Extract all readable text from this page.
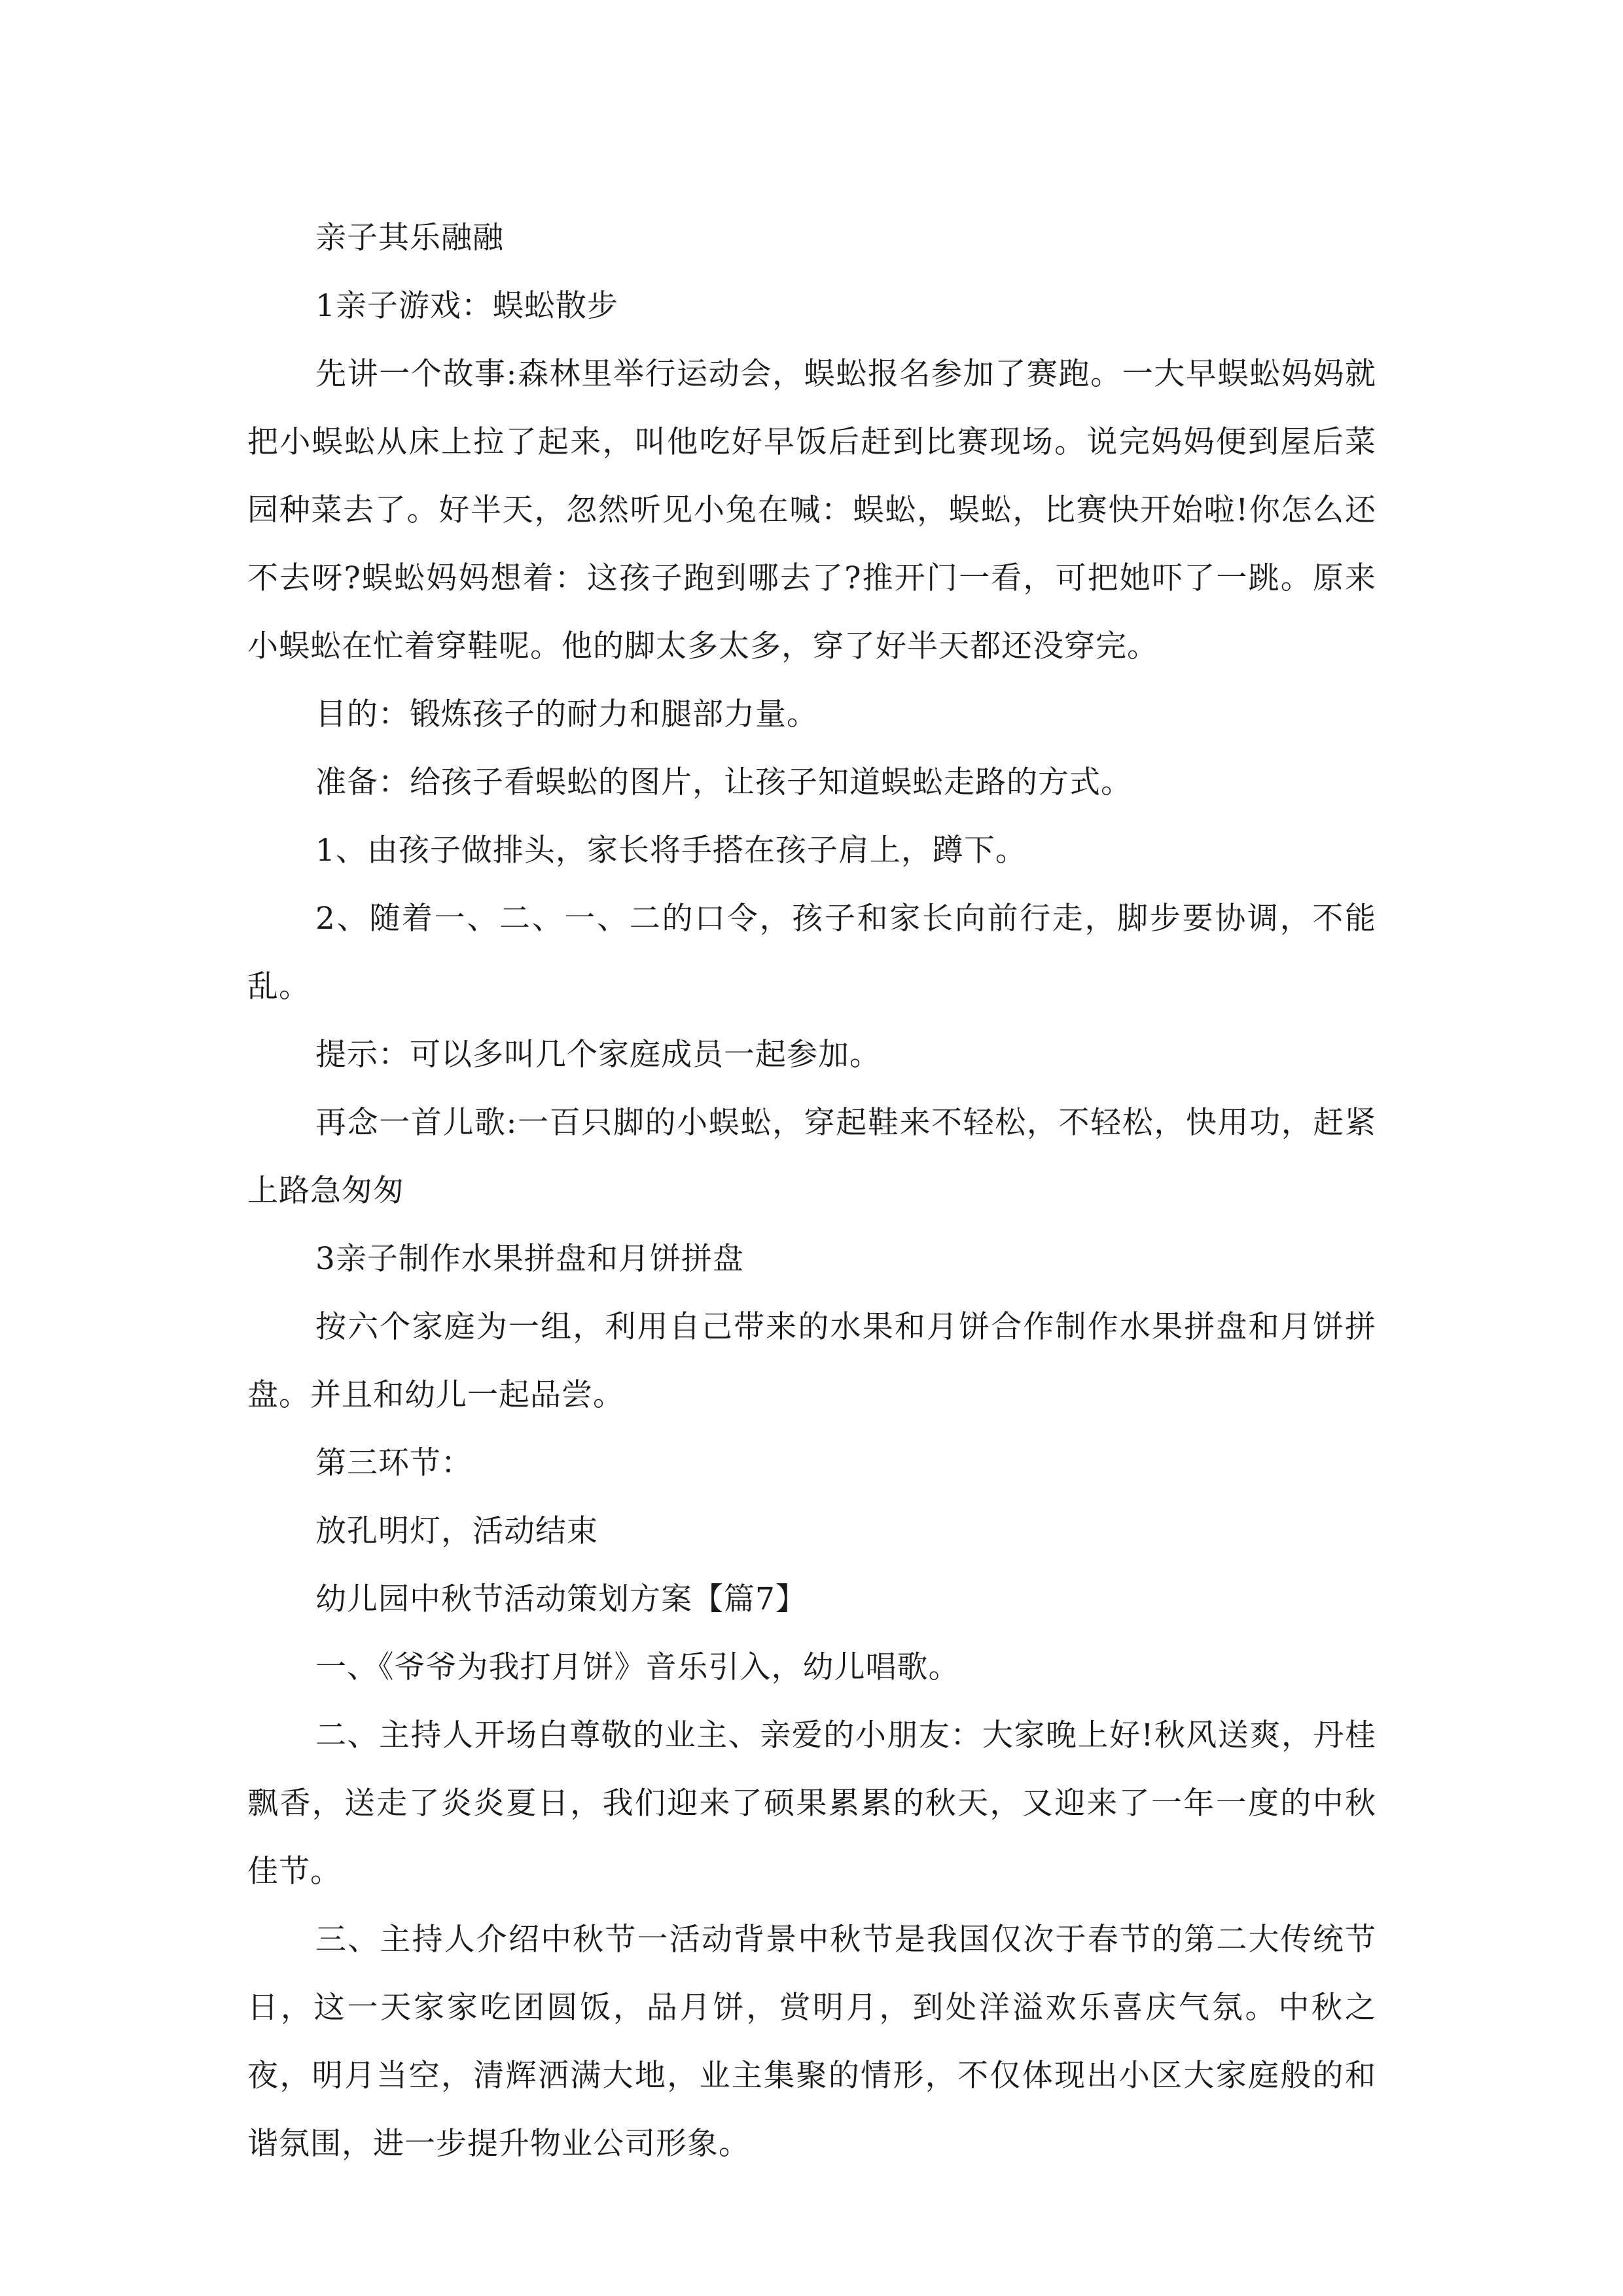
亲子其乐融融

1亲子游戏：蜈蚣散步

先讲一个故事:森林里举行运动会，蜈蚣报名参加了赛跑。一大早蜈蚣妈妈就把小蜈蚣从床上拉了起来，叫他吃好早饭后赶到比赛现场。说完妈妈便到屋后菜园种菜去了。好半天，忽然听见小兔在喊：蜈蚣，蜈蚣，比赛快开始啦!你怎么还不去呀?蜈蚣妈妈想着：这孩子跑到哪去了?推开门一看，可把她吓了一跳。原来小蜈蚣在忙着穿鞋呢。他的脚太多太多，穿了好半天都还没穿完。

目的：锻炼孩子的耐力和腿部力量。

准备：给孩子看蜈蚣的图片，让孩子知道蜈蚣走路的方式。

1、由孩子做排头，家长将手搭在孩子肩上，蹲下。

2、随着一、二、一、二的口令，孩子和家长向前行走，脚步要协调，不能乱。

提示：可以多叫几个家庭成员一起参加。

再念一首儿歌:一百只脚的小蜈蚣，穿起鞋来不轻松，不轻松，快用功，赶紧上路急匆匆

3亲子制作水果拼盘和月饼拼盘

按六个家庭为一组，利用自己带来的水果和月饼合作制作水果拼盘和月饼拼盘。并且和幼儿一起品尝。

第三环节：

放孔明灯，活动结束

幼儿园中秋节活动策划方案【篇7】

一、《爷爷为我打月饼》音乐引入，幼儿唱歌。

二、主持人开场白尊敬的业主、亲爱的小朋友：大家晚上好!秋风送爽，丹桂飘香，送走了炎炎夏日，我们迎来了硕果累累的秋天，又迎来了一年一度的中秋佳节。

三、主持人介绍中秋节一活动背景中秋节是我国仅次于春节的第二大传统节日，这一天家家吃团圆饭，品月饼，赏明月，到处洋溢欢乐喜庆气氛。中秋之夜，明月当空，清辉洒满大地，业主集聚的情形，不仅体现出小区大家庭般的和谐氛围，进一步提升物业公司形象。
